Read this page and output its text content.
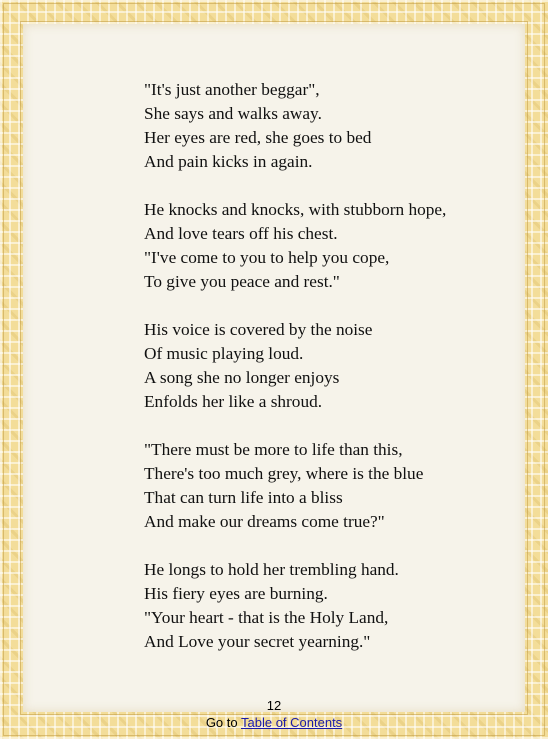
"It's just another beggar",
She says and walks away.
Her eyes are red, she goes to bed
And pain kicks in again.
He knocks and knocks, with stubborn hope,
And love tears off his chest.
"I've come to you to help you cope,
To give you peace and rest."
His voice is covered by the noise
Of music playing loud.
A song she no longer enjoys
Enfolds her like a shroud.
"There must be more to life than this,
There's too much grey, where is the blue
That can turn life into a bliss
And make our dreams come true?"
He longs to hold her trembling hand.
His fiery eyes are burning.
"Your heart - that is the Holy Land,
And Love your secret yearning."
12
Go to Table of Contents
